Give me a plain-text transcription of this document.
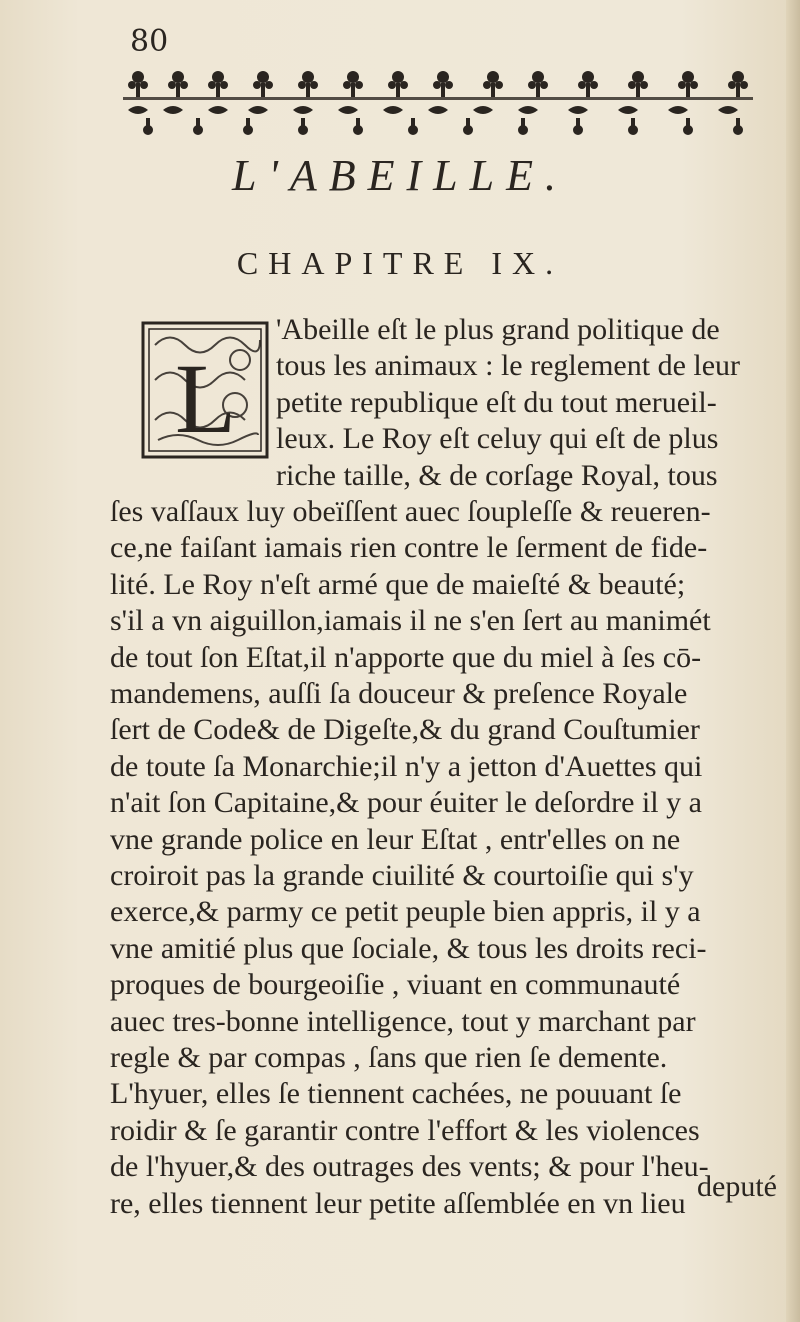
80
L'ABEILLE.
CHAPITRE IX.
L
'Abeille eſt le plus grand politique de
tous les animaux : le reglement de leur
petite republique eſt du tout merueil-
leux. Le Roy eſt celuy qui eſt de plus
riche taille, & de corſage Royal, tous
ſes vaſſaux luy obeïſſent auec ſoupleſſe & reueren-
ce,ne faiſant iamais rien contre le ſerment de fide-
lité. Le Roy n'eſt armé que de maieſté & beauté;
s'il a vn aiguillon,iamais il ne s'en ſert au manimét
de tout ſon Eſtat,il n'apporte que du miel à ſes cō-
mandemens, auſſi ſa douceur & preſence Royale
ſert de Code& de Digeſte,& du grand Couſtumier
de toute ſa Monarchie;il n'y a jetton d'Auettes qui
n'ait ſon Capitaine,& pour éuiter le deſordre il y a
vne grande police en leur Eſtat , entr'elles on ne
croiroit pas la grande ciuilité & courtoiſie qui s'y
exerce,& parmy ce petit peuple bien appris, il y a
vne amitié plus que ſociale, & tous les droits reci-
proques de bourgeoiſie , viuant en communauté
auec tres-bonne intelligence, tout y marchant par
regle & par compas , ſans que rien ſe demente.
L'hyuer, elles ſe tiennent cachées, ne pouuant ſe
roidir & ſe garantir contre l'effort & les violences
de l'hyuer,& des outrages des vents; & pour l'heu-
re, elles tiennent leur petite aſſemblée en vn lieu
deputé
